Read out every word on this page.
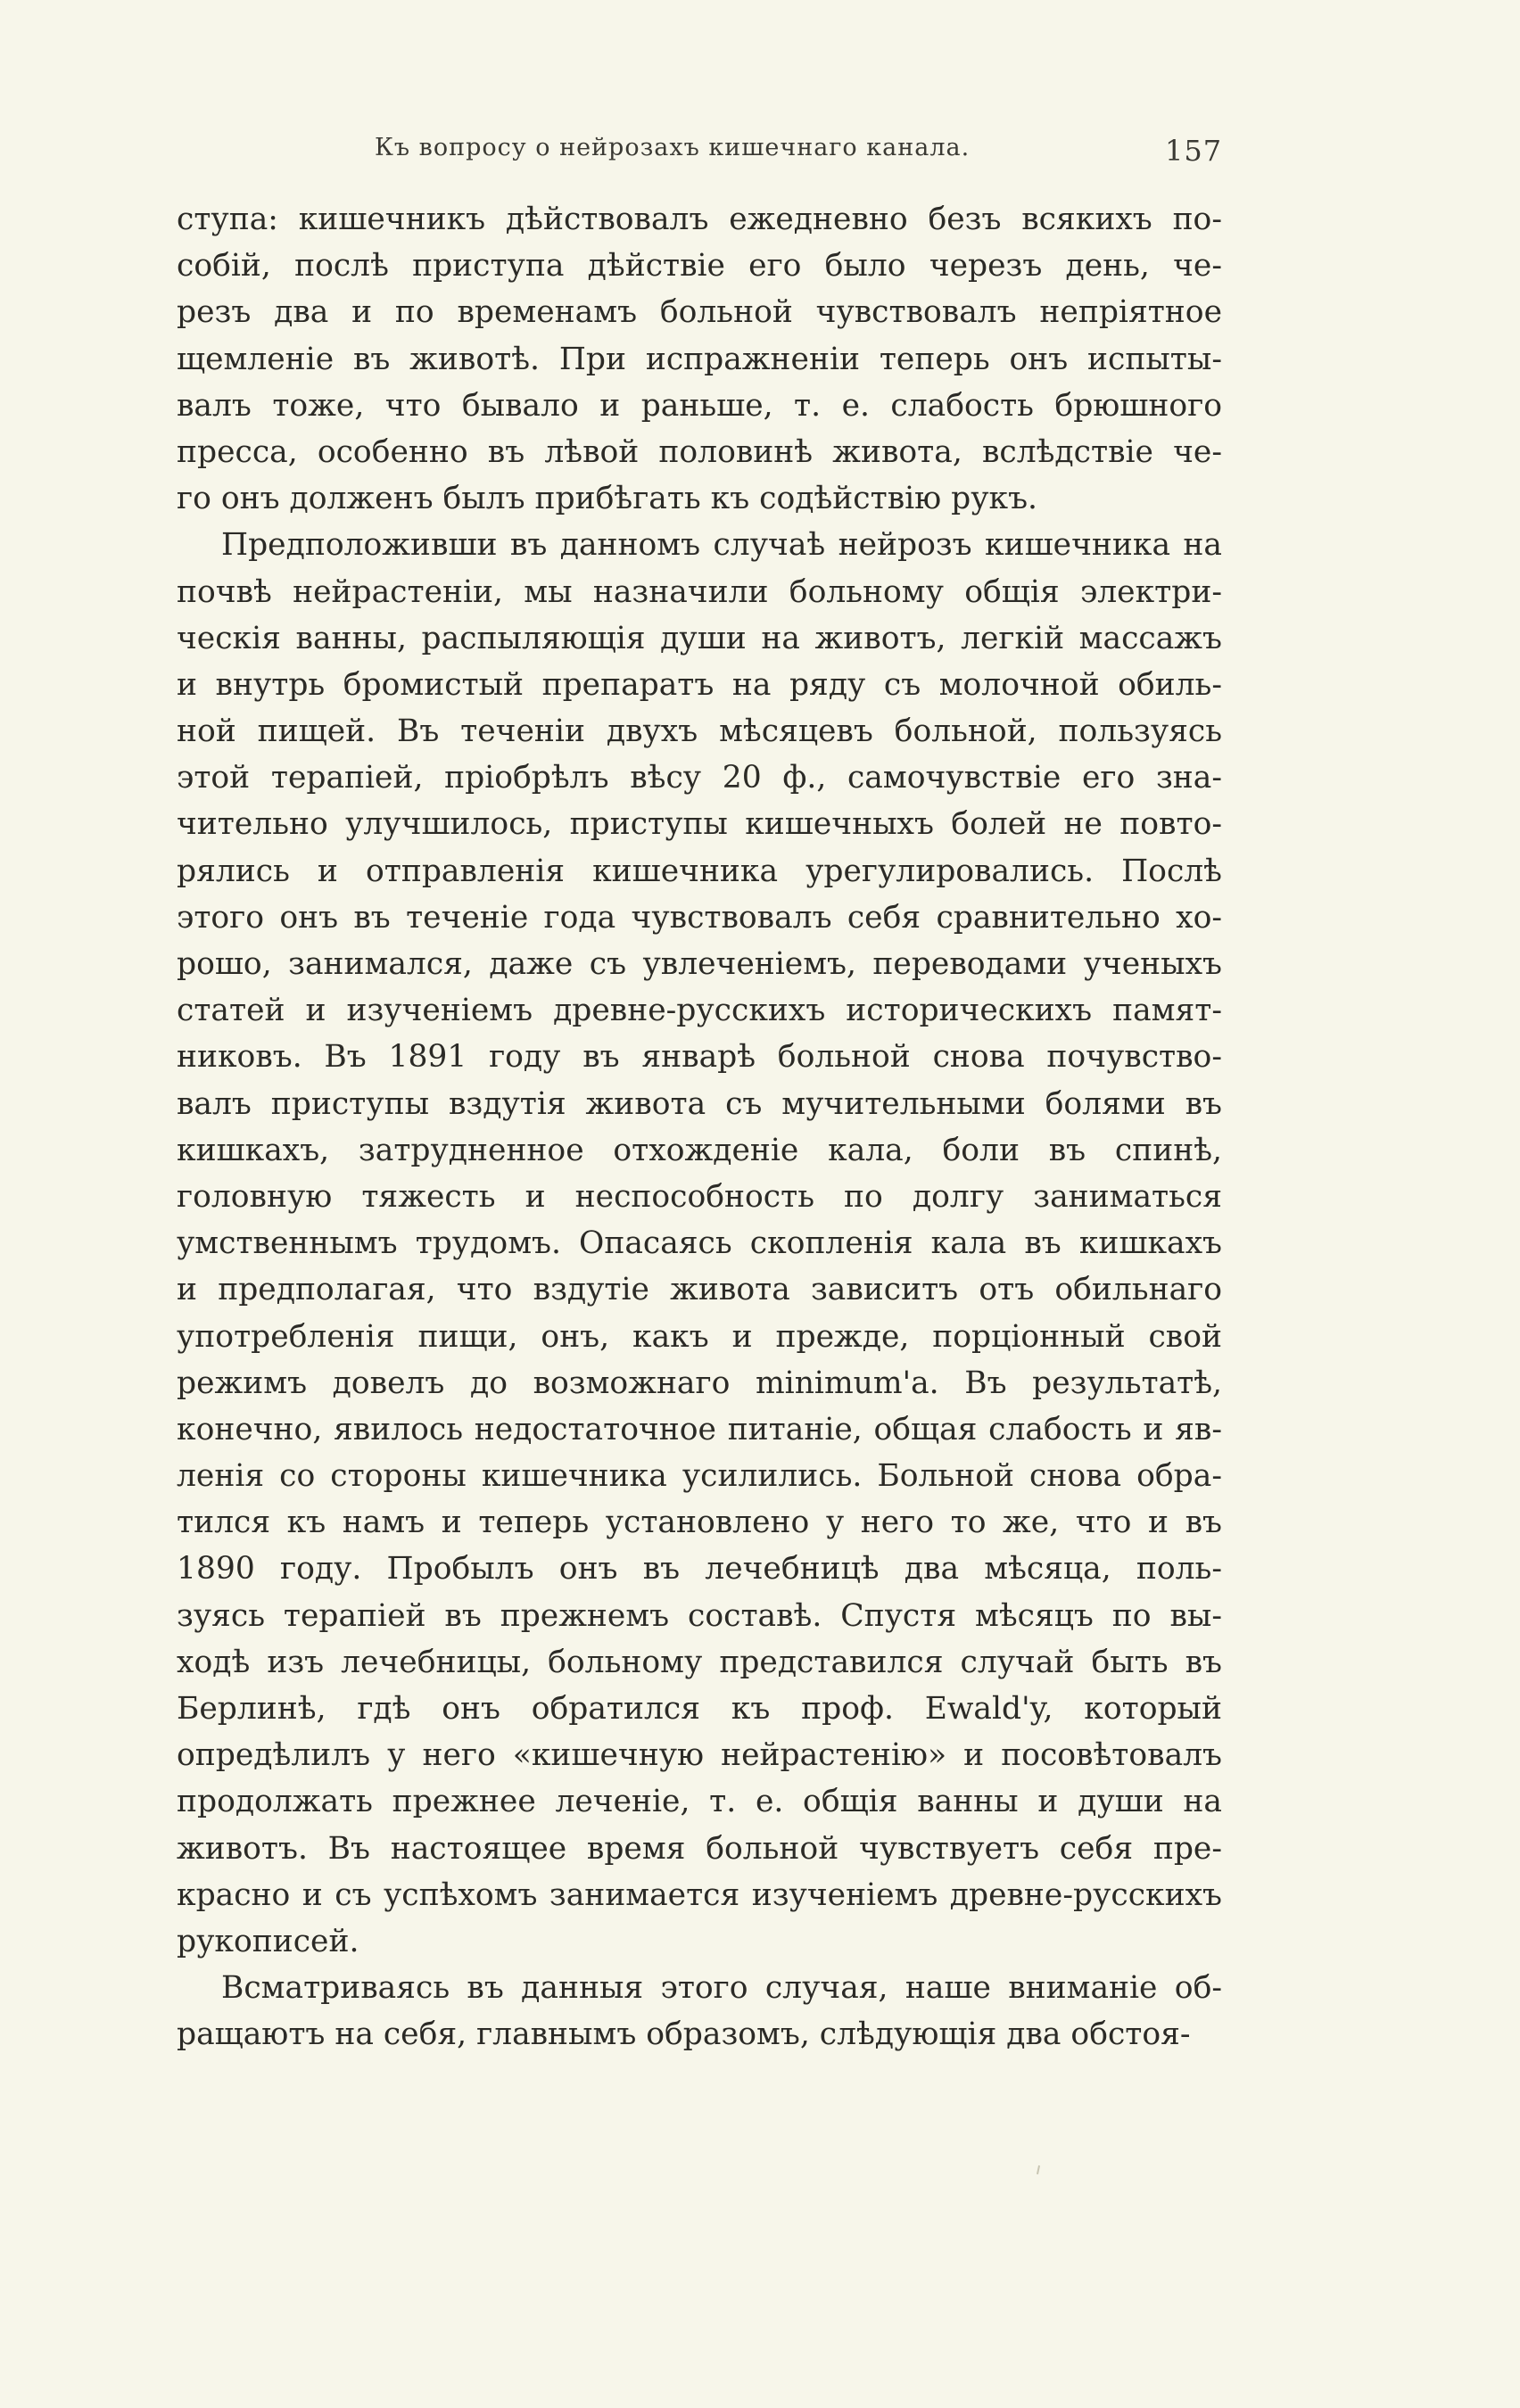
Къ вопросу о нейрозахъ кишечнаго канала.	157
ступа: кишечникъ дѣйствовалъ ежедневно безъ всякихъ по-
собій, послѣ приступа дѣйствіе его было черезъ день, че-
резъ два и по временамъ больной чувствовалъ непріятное
щемленіе въ животѣ. При испражненіи теперь онъ испыты-
валъ тоже, что бывало и раньше, т. е. слабость брюшного
пресса, особенно въ лѣвой половинѣ живота, вслѣдствіе че-
го онъ долженъ былъ прибѣгать къ содѣйствію рукъ.
Предположивши въ данномъ случаѣ нейрозъ кишечника на
почвѣ нейрастеніи, мы назначили больному общія электри-
ческія ванны, распыляющія души на животъ, легкій массажъ
и внутрь бромистый препаратъ на ряду съ молочной обиль-
ной пищей. Въ теченіи двухъ мѣсяцевъ больной, пользуясь
этой терапіей, пріобрѣлъ вѣсу 20 ф., самочувствіе его зна-
чительно улучшилось, приступы кишечныхъ болей не повто-
рялись и отправленія кишечника урегулировались. Послѣ
этого онъ въ теченіе года чувствовалъ себя сравнительно хо-
рошо, занимался, даже съ увлеченіемъ, переводами ученыхъ
статей и изученіемъ древне-русскихъ историческихъ памят-
никовъ. Въ 1891 году въ январѣ больной снова почувство-
валъ приступы вздутія живота съ мучительными болями въ
кишкахъ, затрудненное отхожденіе кала, боли въ спинѣ,
головную тяжесть и неспособность по долгу заниматься
умственнымъ трудомъ. Опасаясь скопленія кала въ кишкахъ
и предполагая, что вздутіе живота зависитъ отъ обильнаго
употребленія пищи, онъ, какъ и прежде, порціонный свой
режимъ довелъ до возможнаго minimum'a. Въ результатѣ,
конечно, явилось недостаточное питаніе, общая слабость и яв-
ленія со стороны кишечника усилились. Больной снова обра-
тился къ намъ и теперь установлено у него то же, что и въ
1890 году. Пробылъ онъ въ лечебницѣ два мѣсяца, поль-
зуясь терапіей въ прежнемъ составѣ. Спустя мѣсяцъ по вы-
ходѣ изъ лечебницы, больному представился случай быть въ
Берлинѣ, гдѣ онъ обратился къ проф. Ewald'y, который
опредѣлилъ у него «кишечную нейрастенію» и посовѣтовалъ
продолжать прежнее леченіе, т. е. общія ванны и души на
животъ. Въ настоящее время больной чувствуетъ себя пре-
красно и съ успѣхомъ занимается изученіемъ древне-русскихъ
рукописей.
Всматриваясь въ данныя этого случая, наше вниманіе об-
ращаютъ на себя, главнымъ образомъ, слѣдующія два обстоя-
